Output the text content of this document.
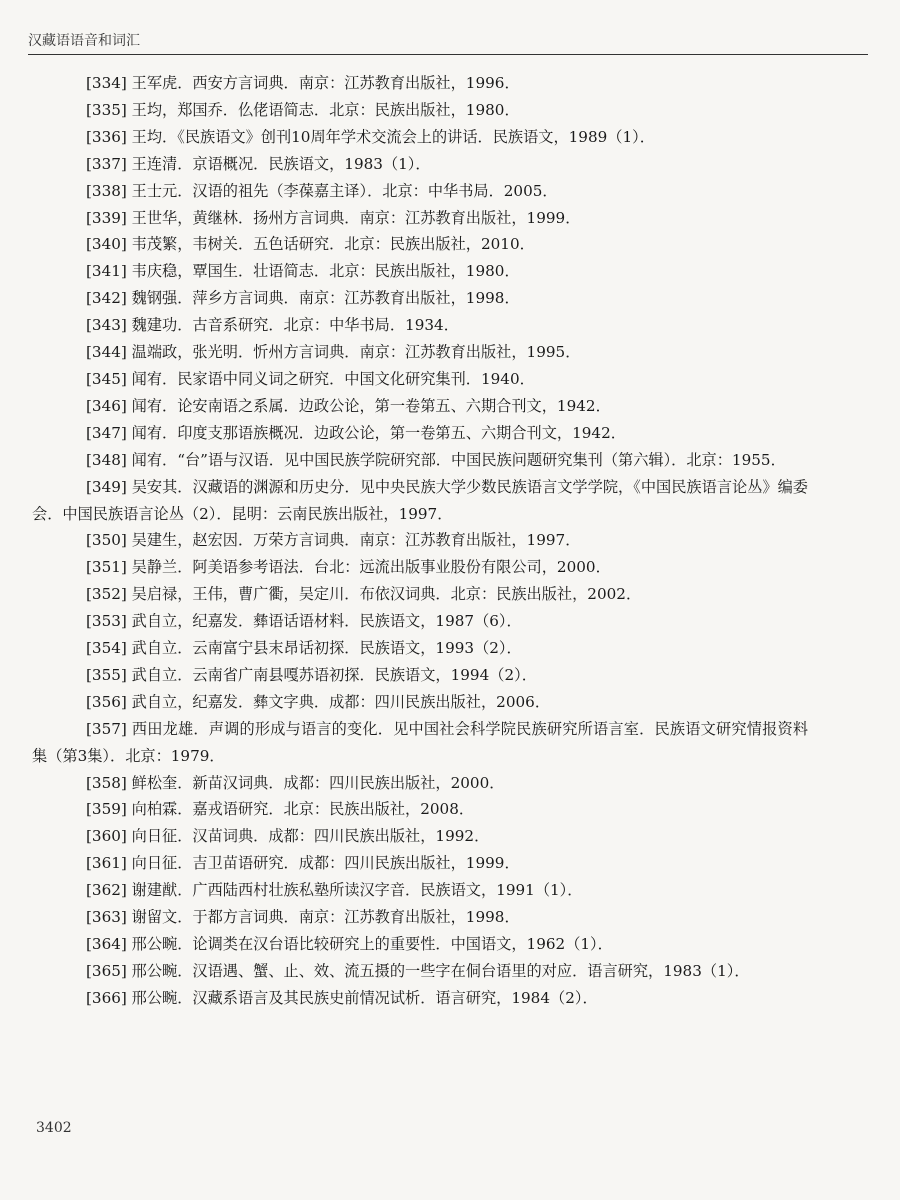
汉藏语语音和词汇

[334] 王军虎．西安方言词典．南京：江苏教育出版社，1996．

[335] 王均，郑国乔．仫佬语简志．北京：民族出版社，1980．

[336] 王均．《民族语文》创刊10周年学术交流会上的讲话．民族语文，1989（1）．

[337] 王连清．京语概况．民族语文，1983（1）．

[338] 王士元．汉语的祖先（李葆嘉主译）．北京：中华书局．2005．

[339] 王世华，黄继林．扬州方言词典．南京：江苏教育出版社，1999．

[340] 韦茂繁，韦树关．五色话研究．北京：民族出版社，2010．

[341] 韦庆稳，覃国生．壮语简志．北京：民族出版社，1980．

[342] 魏钢强．萍乡方言词典．南京：江苏教育出版社，1998．

[343] 魏建功．古音系研究．北京：中华书局．1934．

[344] 温端政，张光明．忻州方言词典．南京：江苏教育出版社，1995．

[345] 闻宥．民家语中同义词之研究．中国文化研究集刊．1940．

[346] 闻宥．论安南语之系属．边政公论，第一卷第五、六期合刊文，1942．

[347] 闻宥．印度支那语族概况．边政公论，第一卷第五、六期合刊文，1942．

[348] 闻宥．“台”语与汉语．见中国民族学院研究部．中国民族问题研究集刊（第六辑）．北京：1955．

[349] 吴安其．汉藏语的渊源和历史分．见中央民族大学少数民族语言文学学院，《中国民族语言论丛》编委会．中国民族语言论丛（2）．昆明：云南民族出版社，1997．

[350] 吴建生，赵宏因．万荣方言词典．南京：江苏教育出版社，1997．

[351] 吴静兰．阿美语参考语法．台北：远流出版事业股份有限公司，2000．

[352] 吴启禄，王伟，曹广衢，吴定川．布依汉词典．北京：民族出版社，2002．

[353] 武自立，纪嘉发．彝语话语材料．民族语文，1987（6）．

[354] 武自立．云南富宁县末昂话初探．民族语文，1993（2）．

[355] 武自立．云南省广南县嘎苏语初探．民族语文，1994（2）．

[356] 武自立，纪嘉发．彝文字典．成都：四川民族出版社，2006．

[357] 西田龙雄．声调的形成与语言的变化．见中国社会科学院民族研究所语言室．民族语文研究情报资料集（第3集）．北京：1979．

[358] 鲜松奎．新苗汉词典．成都：四川民族出版社，2000．

[359] 向柏霖．嘉戎语研究．北京：民族出版社，2008．

[360] 向日征．汉苗词典．成都：四川民族出版社，1992．

[361] 向日征．吉卫苗语研究．成都：四川民族出版社，1999．

[362] 谢建猷．广西陆西村壮族私塾所读汉字音．民族语文，1991（1）．

[363] 谢留文．于都方言词典．南京：江苏教育出版社，1998．

[364] 邢公畹．论调类在汉台语比较研究上的重要性．中国语文，1962（1）．

[365] 邢公畹．汉语遇、蟹、止、效、流五摄的一些字在侗台语里的对应．语言研究，1983（1）．

[366] 邢公畹．汉藏系语言及其民族史前情况试析．语言研究，1984（2）．

3402
